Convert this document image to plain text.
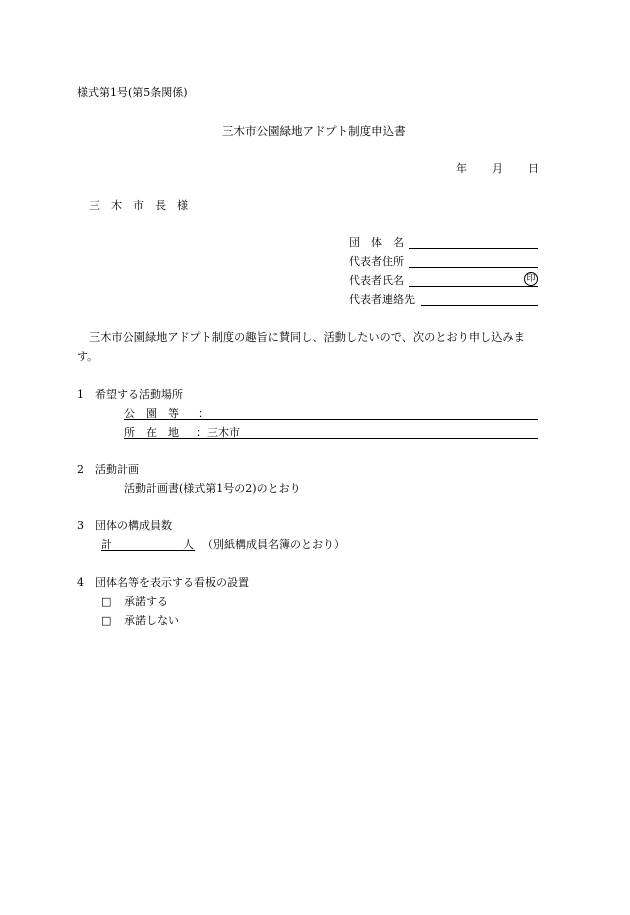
様式第1号(第5条関係)
三木市公園緑地アドプト制度申込書
年 月 日
三　木　市　長　様
団　体　名
代表者住所
代表者氏名	印
代表者連絡先
三木市公園緑地アドプト制度の趣旨に賛同し、活動したいので、次のとおり申し込みま
す。
1　希望する活動場所
公　園　等 ：
所　在　地 ：三木市
2　活動計画
活動計画書(様式第1号の2)のとおり
3　団体の構成員数
計	人 （別紙構成員名簿のとおり）
4　団体名等を表示する看板の設置
□ 承諾する
□ 承諾しない
